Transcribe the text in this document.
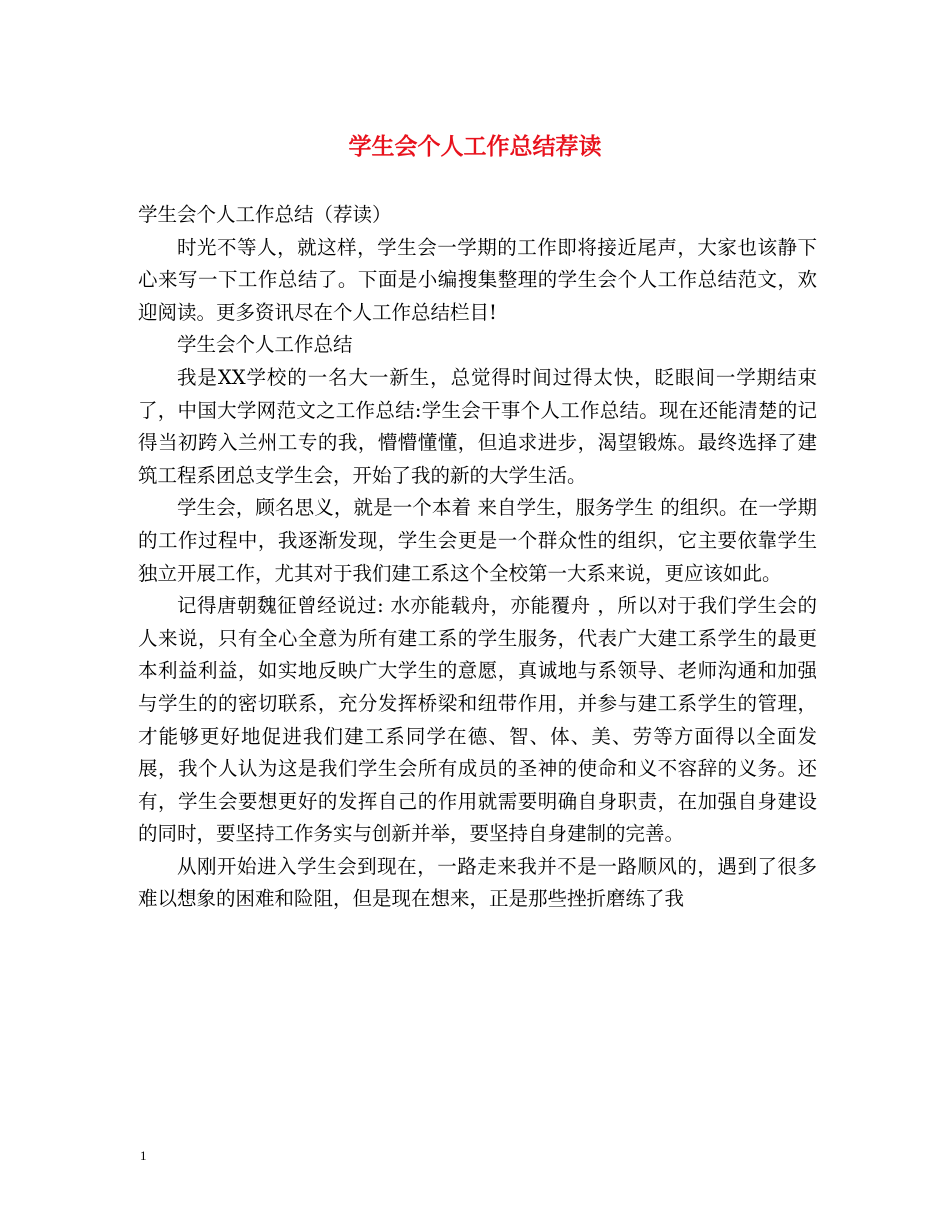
学生会个人工作总结荐读

学生会个人工作总结（荐读）

时光不等人，就这样，学生会一学期的工作即将接近尾声，大家也该静下心来写一下工作总结了。下面是小编搜集整理的学生会个人工作总结范文，欢迎阅读。更多资讯尽在个人工作总结栏目!

学生会个人工作总结

我是XX学校的一名大一新生，总觉得时间过得太快，眨眼间一学期结束了，中国大学网范文之工作总结:学生会干事个人工作总结。现在还能清楚的记得当初跨入兰州工专的我，懵懵懂懂，但追求进步，渴望锻炼。最终选择了建筑工程系团总支学生会，开始了我的新的大学生活。

学生会，顾名思义，就是一个本着 来自学生，服务学生 的组织。在一学期的工作过程中，我逐渐发现，学生会更是一个群众性的组织，它主要依靠学生独立开展工作，尤其对于我们建工系这个全校第一大系来说，更应该如此。

记得唐朝魏征曾经说过: 水亦能载舟，亦能覆舟 ，所以对于我们学生会的人来说，只有全心全意为所有建工系的学生服务，代表广大建工系学生的最更本利益利益，如实地反映广大学生的意愿，真诚地与系领导、老师沟通和加强与学生的的密切联系，充分发挥桥梁和纽带作用，并参与建工系学生的管理，才能够更好地促进我们建工系同学在德、智、体、美、劳等方面得以全面发展，我个人认为这是我们学生会所有成员的圣神的使命和义不容辞的义务。还有，学生会要想更好的发挥自己的作用就需要明确自身职责，在加强自身建设的同时，要坚持工作务实与创新并举，要坚持自身建制的完善。

从刚开始进入学生会到现在，一路走来我并不是一路顺风的，遇到了很多难以想象的困难和险阻，但是现在想来，正是那些挫折磨练了我

1
